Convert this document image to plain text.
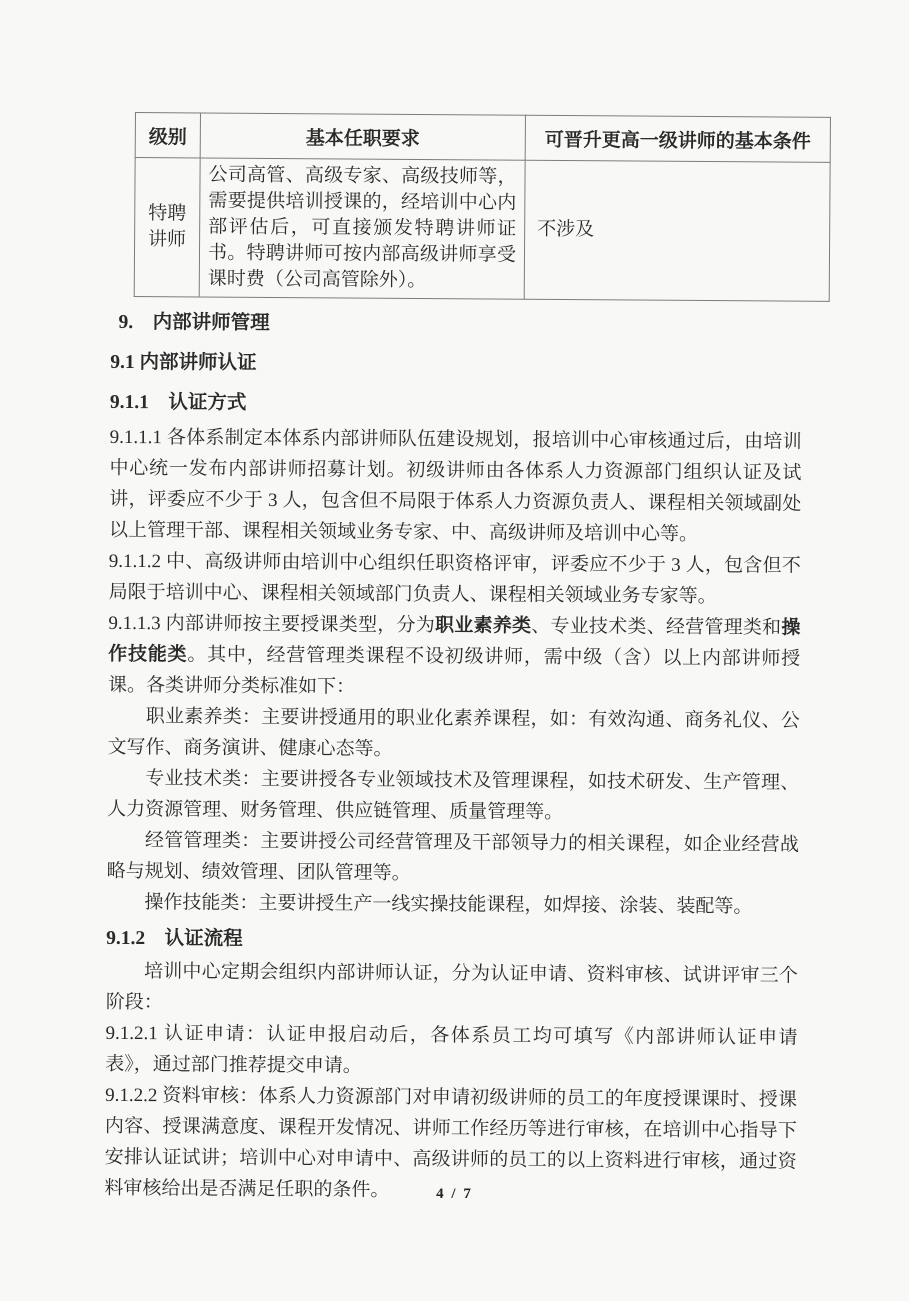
级别	基本任职要求	可晋升更高一级讲师的基本条件
特聘讲师	公司高管、高级专家、高级技师等，需要提供培训授课的，经培训中心内部评估后，可直接颁发特聘讲师证书。特聘讲师可按内部高级讲师享受课时费（公司高管除外）。	不涉及
9.　内部讲师管理
9.1 内部讲师认证
9.1.1　认证方式

9.1.1.1 各体系制定本体系内部讲师队伍建设规划，报培训中心审核通过后，由培训中心统一发布内部讲师招募计划。初级讲师由各体系人力资源部门组织认证及试讲，评委应不少于 3 人，包含但不局限于体系人力资源负责人、课程相关领域副处以上管理干部、课程相关领域业务专家、中、高级讲师及培训中心等。

9.1.1.2 中、高级讲师由培训中心组织任职资格评审，评委应不少于 3 人，包含但不局限于培训中心、课程相关领域部门负责人、课程相关领域业务专家等。

9.1.1.3 内部讲师按主要授课类型，分为职业素养类、专业技术类、经营管理类和操作技能类。其中，经营管理类课程不设初级讲师，需中级（含）以上内部讲师授课。各类讲师分类标准如下：

职业素养类：主要讲授通用的职业化素养课程，如：有效沟通、商务礼仪、公文写作、商务演讲、健康心态等。

专业技术类：主要讲授各专业领域技术及管理课程，如技术研发、生产管理、人力资源管理、财务管理、供应链管理、质量管理等。

经管管理类：主要讲授公司经营管理及干部领导力的相关课程，如企业经营战略与规划、绩效管理、团队管理等。

操作技能类：主要讲授生产一线实操技能课程，如焊接、涂装、装配等。

9.1.2　认证流程

培训中心定期会组织内部讲师认证，分为认证申请、资料审核、试讲评审三个阶段：

9.1.2.1 认证申请：认证申报启动后，各体系员工均可填写《内部讲师认证申请表》，通过部门推荐提交申请。

9.1.2.2 资料审核：体系人力资源部门对申请初级讲师的员工的年度授课课时、授课内容、授课满意度、课程开发情况、讲师工作经历等进行审核，在培训中心指导下安排认证试讲；培训中心对申请中、高级讲师的员工的以上资料进行审核，通过资料审核给出是否满足任职的条件。	4 / 7
